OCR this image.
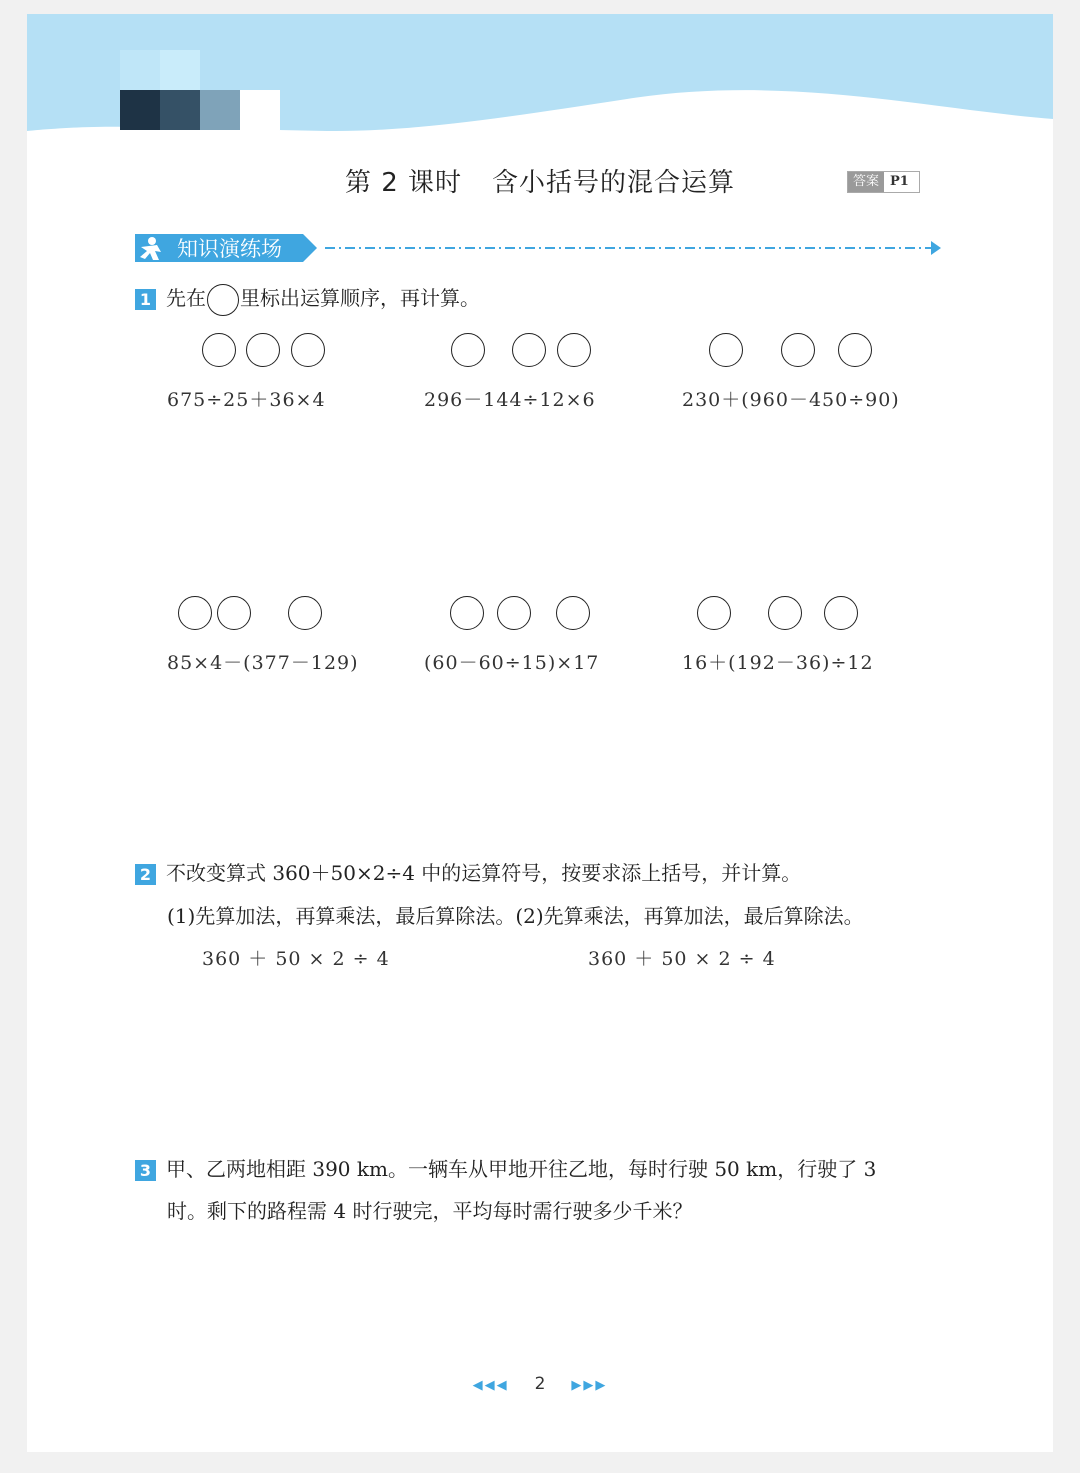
第 2 课时 含小括号的混合运算	答案 P1
知识演练场
1 先在 里标出运算顺序，再计算。
675÷25＋36×4	296－144÷12×6	230＋(960－450÷90)
85×4－(377－129)	(60－60÷15)×17	16＋(192－36)÷12
2 不改变算式 360＋50×2÷4 中的运算符号，按要求添上括号，并计算。
(1)先算加法，再算乘法，最后算除法。(2)先算乘法，再算加法，最后算除法。
360 ＋ 50 × 2 ÷ 4	360 ＋ 50 × 2 ÷ 4
3 甲、乙两地相距 390 km。一辆车从甲地开往乙地，每时行驶 50 km，行驶了 3
时。剩下的路程需 4 时行驶完，平均每时需行驶多少千米？
◀◀◀ 2 ▶▶▶
